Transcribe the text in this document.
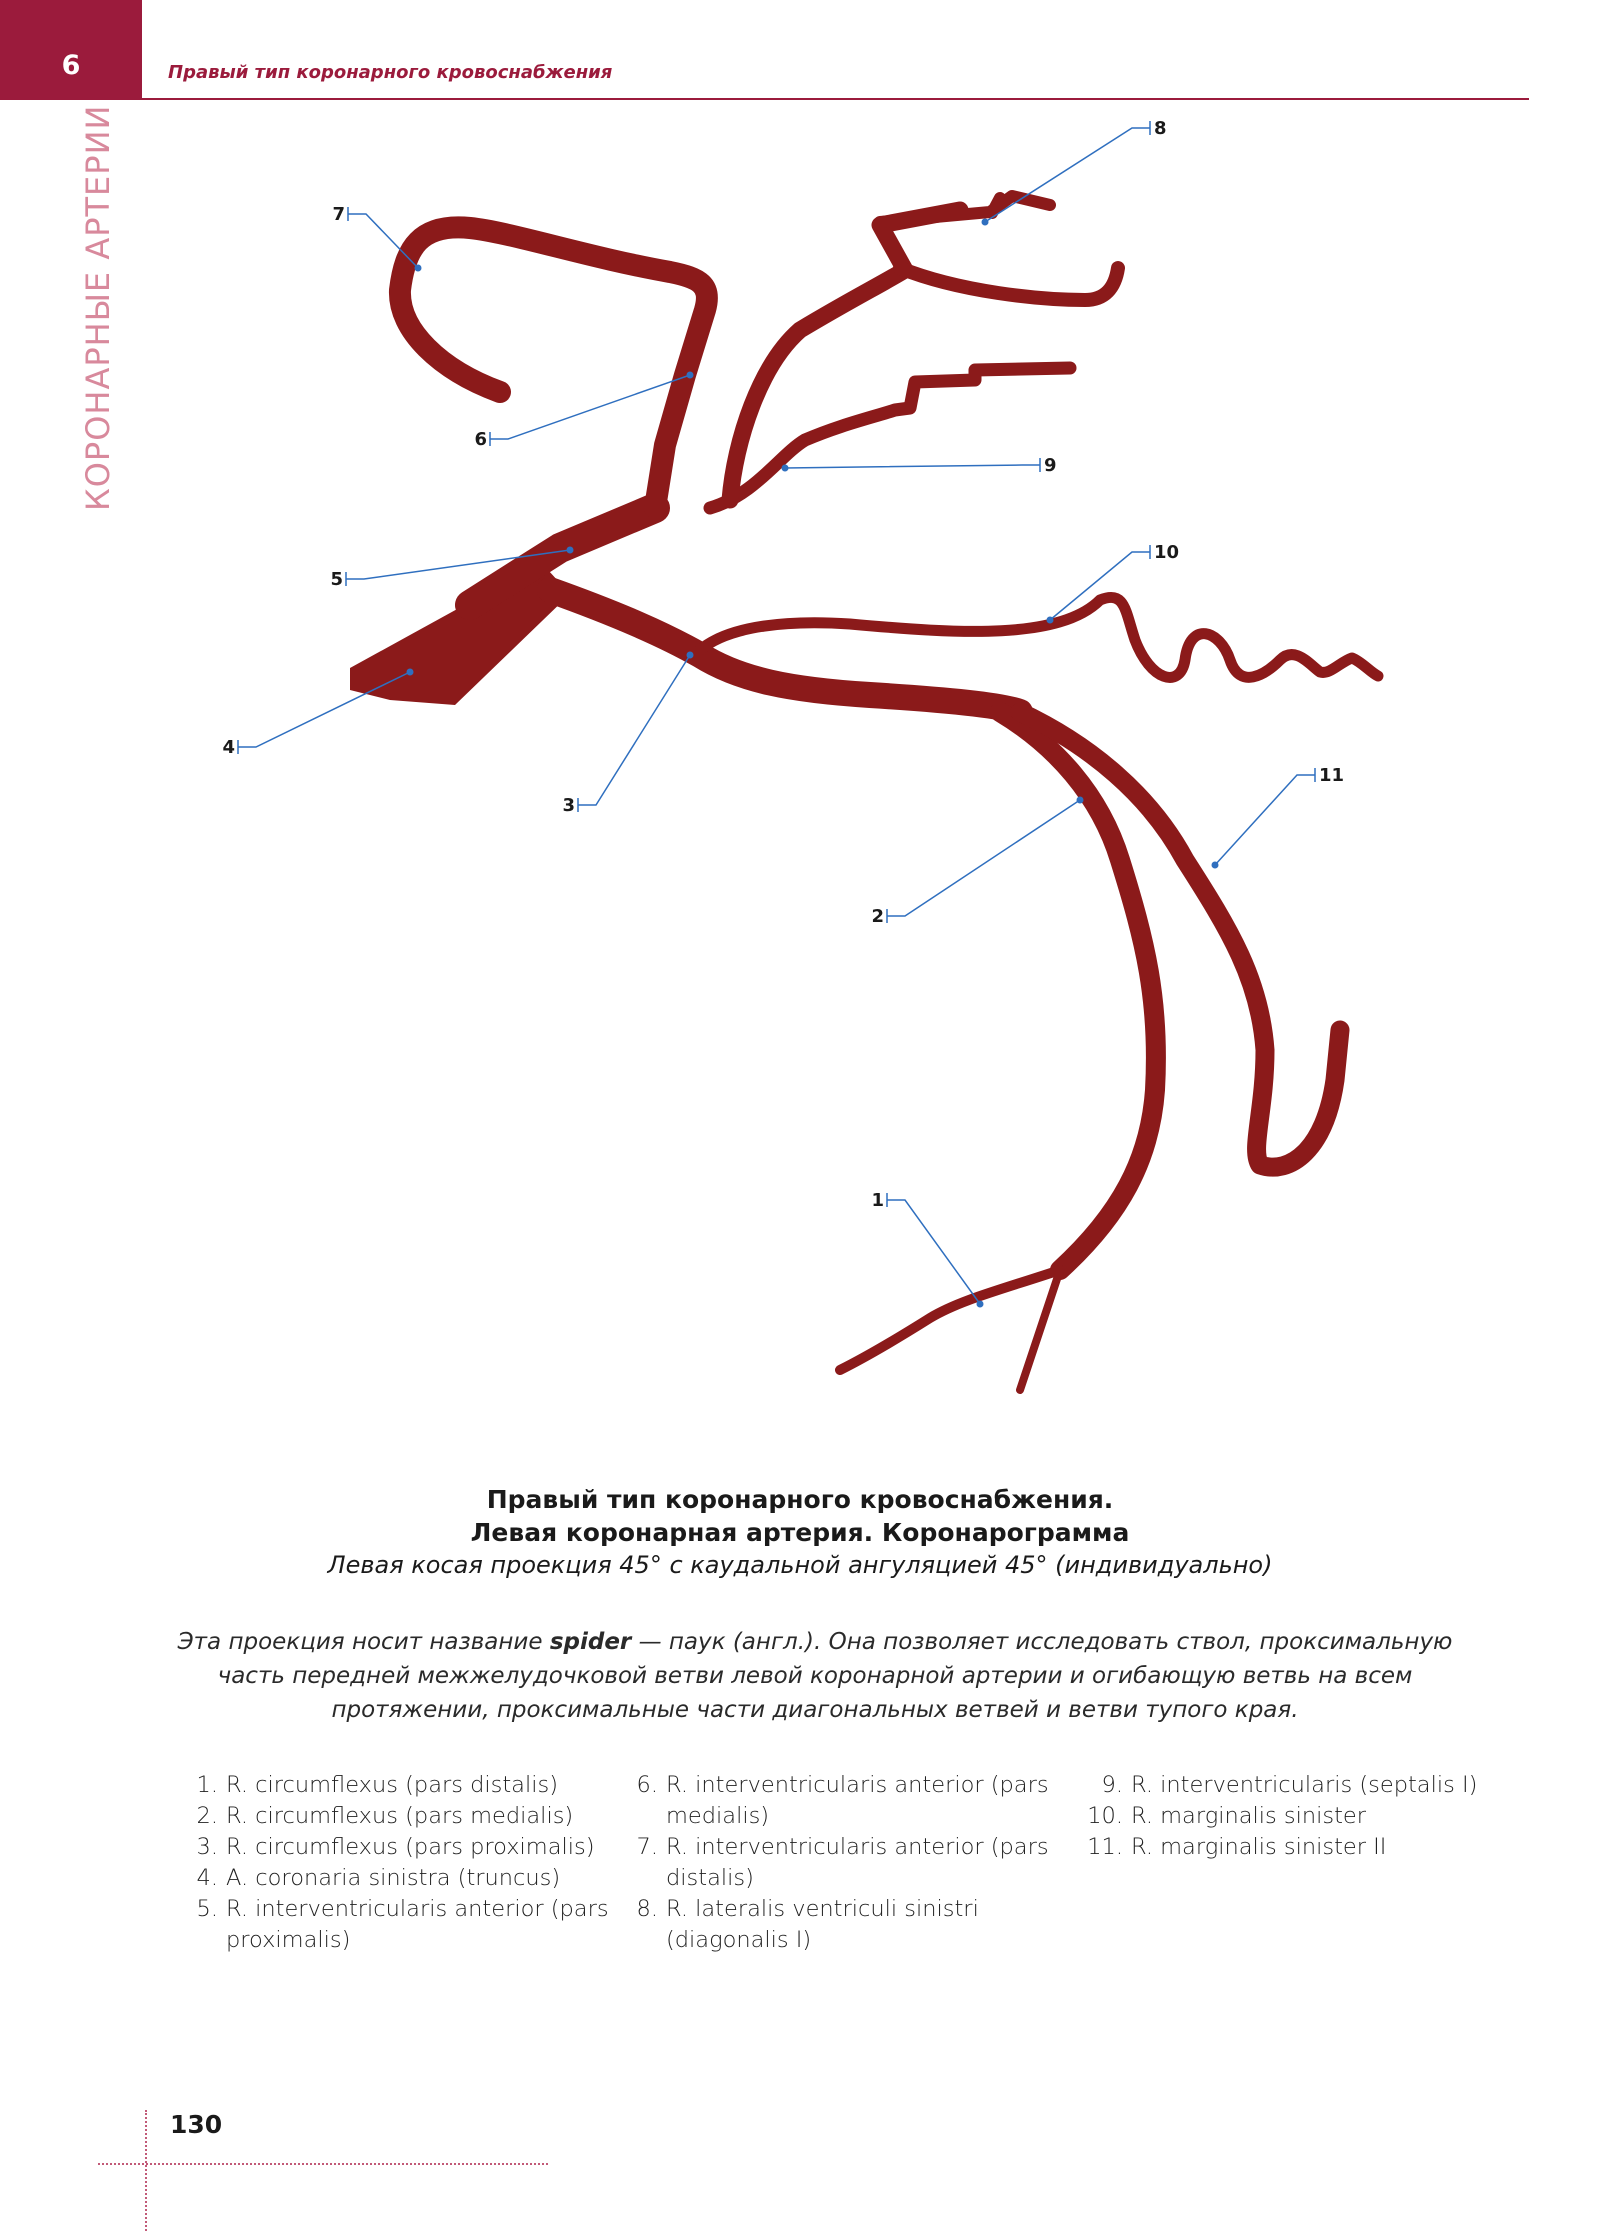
6	Правый тип коронарного кровоснабжения
КОРОНАРНЫЕ АРТЕРИИ
1
2
3
4
5
6
7
8
9
10
11
Правый тип коронарного кровоснабжения.
Левая коронарная артерия. Коронарограмма
Левая косая проекция 45° с каудальной ангуляцией 45° (индивидуально)
Эта проекция носит название spider — паук (англ.). Она позволяет исследовать ствол, проксимальную часть передней межжелудочковой ветви левой коронарной артерии и огибающую ветвь на всем протяжении, проксимальные части диагональных ветвей и ветви тупого края.
1. R. circumflexus (pars distalis)
2. R. circumflexus (pars medialis)
3. R. circumflexus (pars proximalis)
4. A. coronaria sinistra (truncus)
5. R. interventricularis anterior (pars proximalis)
6. R. interventricularis anterior (pars medialis)
7. R. interventricularis anterior (pars distalis)
8. R. lateralis ventriculi sinistri (diagonalis I)
9. R. interventricularis (septalis I)
10. R. marginalis sinister
11. R. marginalis sinister II
130
